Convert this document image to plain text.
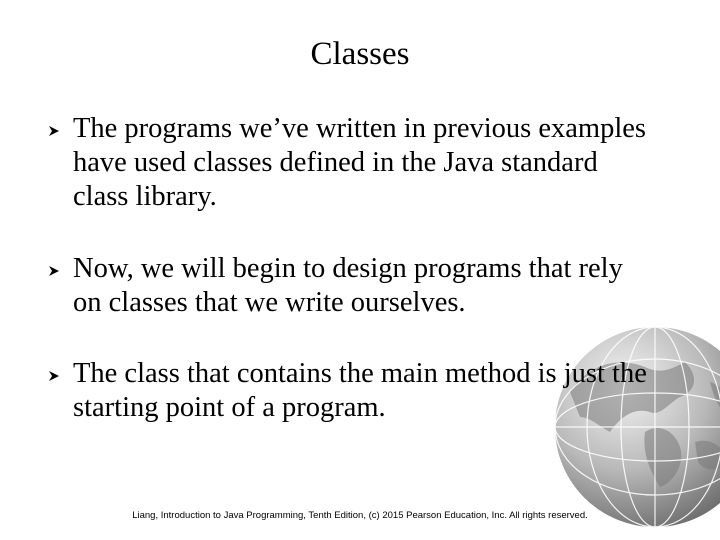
Classes
The programs we’ve written in previous examples have used classes defined in the Java standard class library.
Now, we will begin to design programs that rely on classes that we write ourselves.
The class that contains the main method is just the starting point of a program.
Liang, Introduction to Java Programming, Tenth Edition, (c) 2015 Pearson Education, Inc. All rights reserved.
